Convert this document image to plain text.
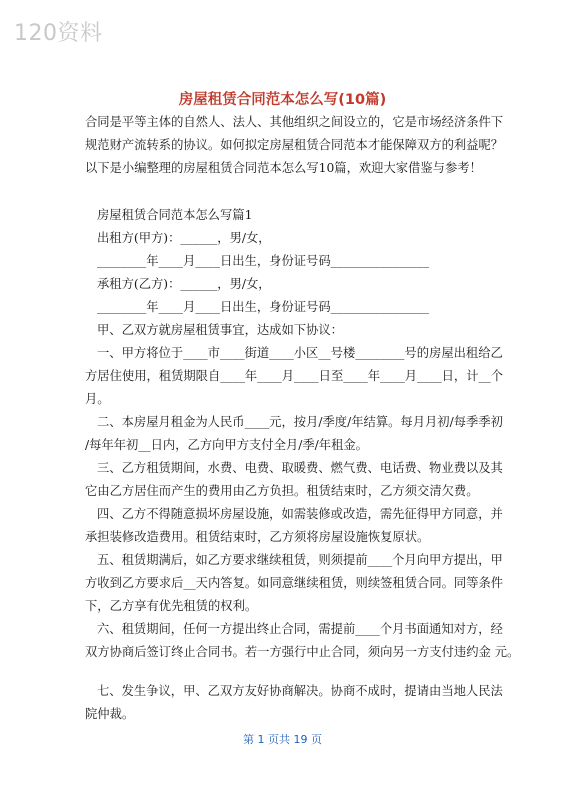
120资料
房屋租赁合同范本怎么写(10篇)
合同是平等主体的自然人、法人、其他组织之间设立的，它是市场经济条件下
规范财产流转系的协议。如何拟定房屋租赁合同范本才能保障双方的利益呢？
以下是小编整理的房屋租赁合同范本怎么写10篇，欢迎大家借鉴与参考！
房屋租赁合同范本怎么写篇1
出租方(甲方)：______，男/女，
________年____月____日出生，身份证号码________________
承租方(乙方)：______，男/女，
________年____月____日出生，身份证号码________________
甲、乙双方就房屋租赁事宜，达成如下协议：
一、甲方将位于____市____街道____小区__号楼________号的房屋出租给乙
方居住使用，租赁期限自____年____月____日至____年____月____日，计__个
月。
二、本房屋月租金为人民币____元，按月/季度/年结算。每月月初/每季季初
/每年年初__日内，乙方向甲方支付全月/季/年租金。
三、乙方租赁期间，水费、电费、取暖费、燃气费、电话费、物业费以及其
它由乙方居住而产生的费用由乙方负担。租赁结束时，乙方须交清欠费。
四、乙方不得随意损坏房屋设施，如需装修或改造，需先征得甲方同意，并
承担装修改造费用。租赁结束时，乙方须将房屋设施恢复原状。
五、租赁期满后，如乙方要求继续租赁，则须提前____个月向甲方提出，甲
方收到乙方要求后__天内答复。如同意继续租赁，则续签租赁合同。同等条件
下，乙方享有优先租赁的权利。
六、租赁期间，任何一方提出终止合同，需提前____个月书面通知对方，经
双方协商后签订终止合同书。若一方强行中止合同，须向另一方支付违约金 元。
七、发生争议，甲、乙双方友好协商解决。协商不成时，提请由当地人民法
院仲裁。
第 1 页共 19 页
